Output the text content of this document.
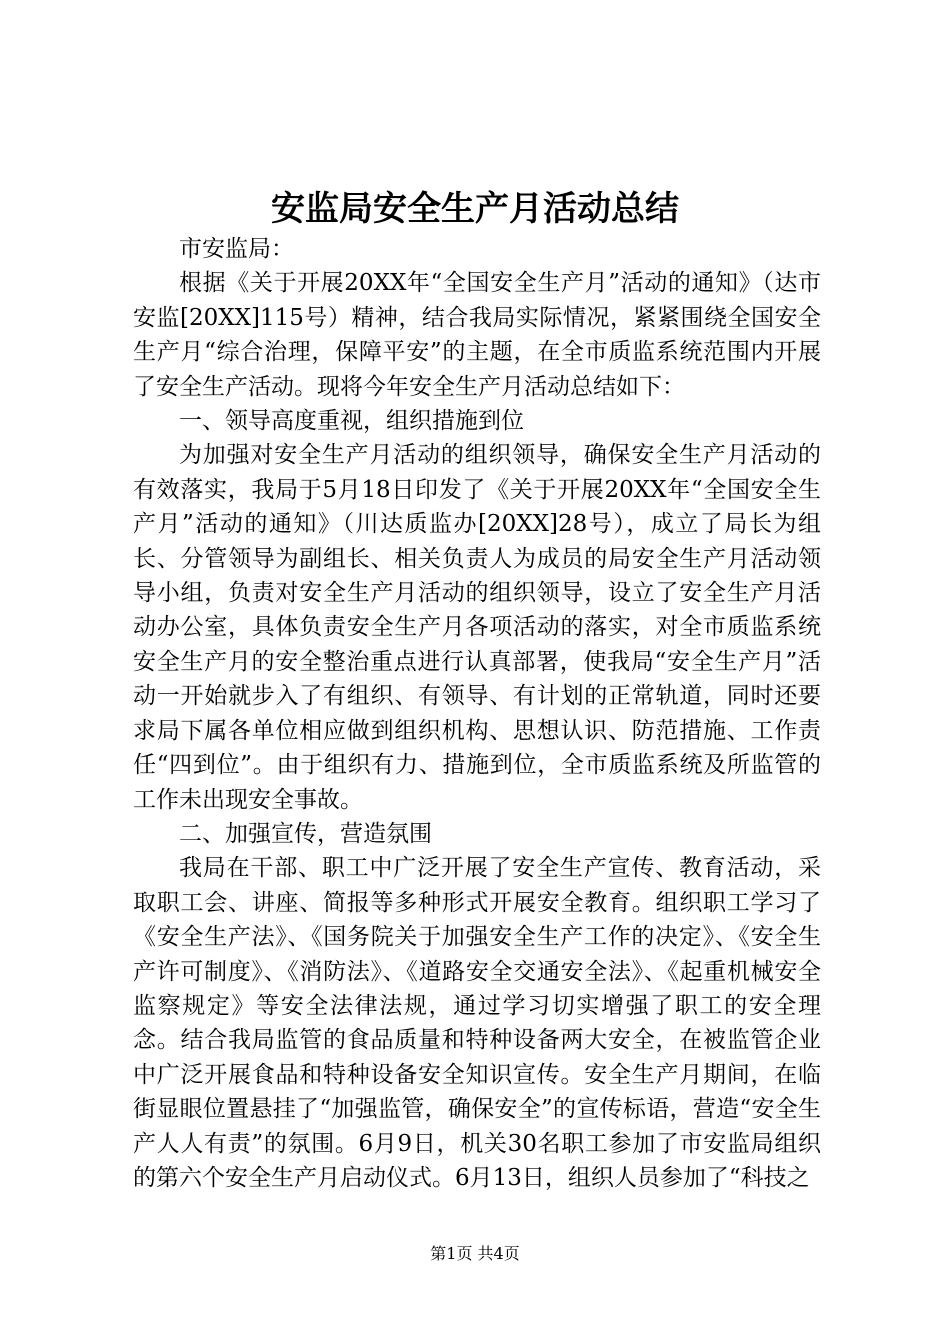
安监局安全生产月活动总结

市安监局：

根据《关于开展20XX年“全国安全生产月”活动的通知》（达市安监[20XX]115号）精神，结合我局实际情况，紧紧围绕全国安全生产月“综合治理，保障平安”的主题，在全市质监系统范围内开展了安全生产活动。现将今年安全生产月活动总结如下：

一、领导高度重视，组织措施到位

为加强对安全生产月活动的组织领导，确保安全生产月活动的有效落实，我局于5月18日印发了《关于开展20XX年“全国安全生产月”活动的通知》（川达质监办[20XX]28号），成立了局长为组长、分管领导为副组长、相关负责人为成员的局安全生产月活动领导小组，负责对安全生产月活动的组织领导，设立了安全生产月活动办公室，具体负责安全生产月各项活动的落实，对全市质监系统安全生产月的安全整治重点进行认真部署，使我局“安全生产月”活动一开始就步入了有组织、有领导、有计划的正常轨道，同时还要求局下属各单位相应做到组织机构、思想认识、防范措施、工作责任“四到位”。由于组织有力、措施到位，全市质监系统及所监管的工作未出现安全事故。

二、加强宣传，营造氛围

我局在干部、职工中广泛开展了安全生产宣传、教育活动，采取职工会、讲座、简报等多种形式开展安全教育。组织职工学习了《安全生产法》、《国务院关于加强安全生产工作的决定》、《安全生产许可制度》、《消防法》、《道路安全交通安全法》、《起重机械安全监察规定》等安全法律法规，通过学习切实增强了职工的安全理念。结合我局监管的食品质量和特种设备两大安全，在被监管企业中广泛开展食品和特种设备安全知识宣传。安全生产月期间，在临街显眼位置悬挂了“加强监管，确保安全”的宣传标语，营造“安全生产人人有责”的氛围。6月9日，机关30名职工参加了市安监局组织的第六个安全生产月启动仪式。6月13日，组织人员参加了“科技之

第1页 共4页
